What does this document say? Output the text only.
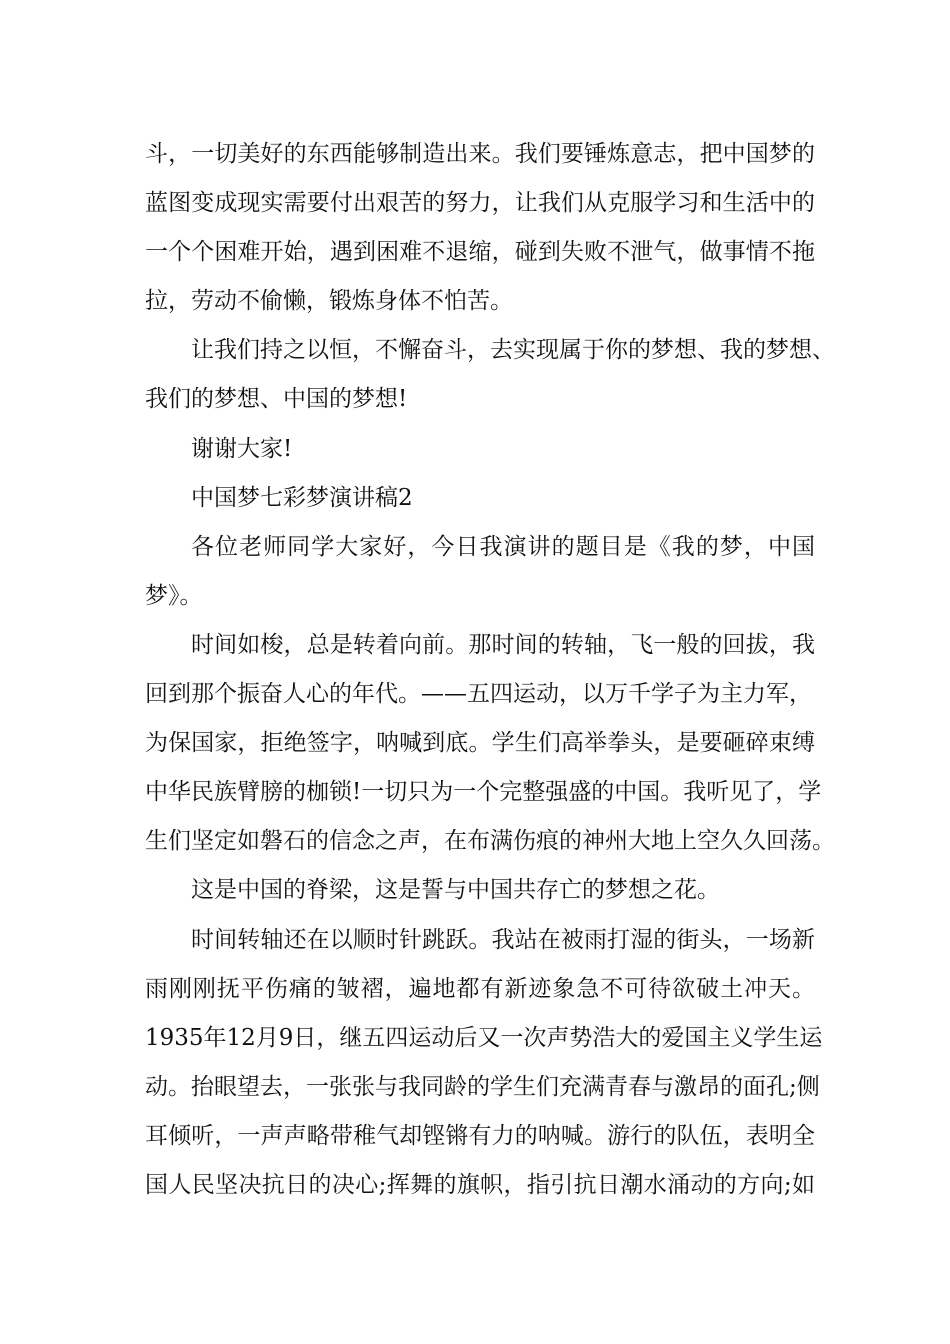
斗，一切美好的东西能够制造出来。我们要锤炼意志，把中国梦的
蓝图变成现实需要付出艰苦的努力，让我们从克服学习和生活中的
一个个困难开始，遇到困难不退缩，碰到失败不泄气，做事情不拖
拉，劳动不偷懒，锻炼身体不怕苦。
让我们持之以恒，不懈奋斗，去实现属于你的梦想、我的梦想、
我们的梦想、中国的梦想!
谢谢大家!
中国梦七彩梦演讲稿2
各位老师同学大家好，今日我演讲的题目是《我的梦，中国
梦》。
时间如梭，总是转着向前。那时间的转轴，飞一般的回拔，我
回到那个振奋人心的年代。——五四运动，以万千学子为主力军，
为保国家，拒绝签字，呐喊到底。学生们高举拳头，是要砸碎束缚
中华民族臂膀的枷锁!一切只为一个完整强盛的中国。我听见了，学
生们坚定如磐石的信念之声，在布满伤痕的神州大地上空久久回荡。
这是中国的脊梁，这是誓与中国共存亡的梦想之花。
时间转轴还在以顺时针跳跃。我站在被雨打湿的街头，一场新
雨刚刚抚平伤痛的皱褶，遍地都有新迹象急不可待欲破土冲天。
1935年12月9日，继五四运动后又一次声势浩大的爱国主义学生运
动。抬眼望去，一张张与我同龄的学生们充满青春与激昂的面孔;侧
耳倾听，一声声略带稚气却铿锵有力的呐喊。游行的队伍，表明全
国人民坚决抗日的决心;挥舞的旗帜，指引抗日潮水涌动的方向;如
